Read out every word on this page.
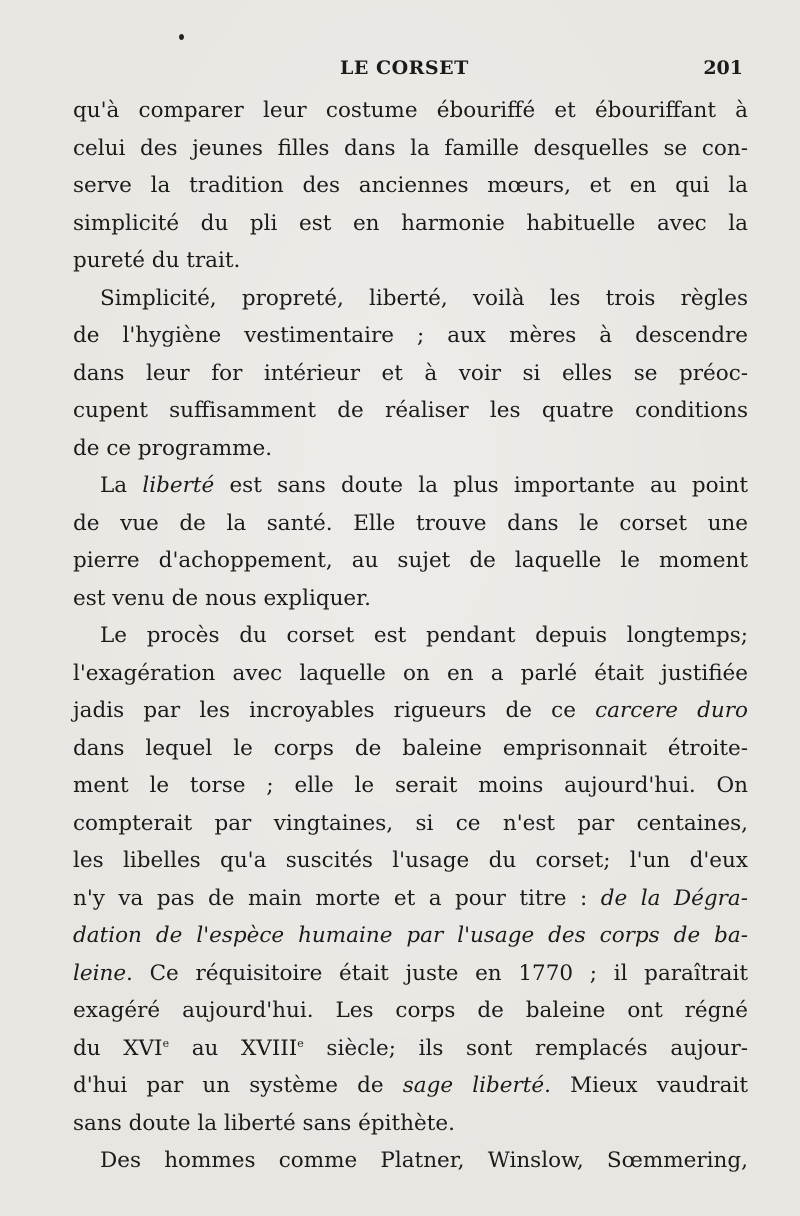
LE CORSET	201
qu'à comparer leur costume ébouriffé et ébouriffant à
celui des jeunes filles dans la famille desquelles se con-
serve la tradition des anciennes mœurs, et en qui la
simplicité du pli est en harmonie habituelle avec la
pureté du trait.
Simplicité, propreté, liberté, voilà les trois règles
de l'hygiène vestimentaire ; aux mères à descendre
dans leur for intérieur et à voir si elles se préoc-
cupent suffisamment de réaliser les quatre conditions
de ce programme.
La liberté est sans doute la plus importante au point
de vue de la santé. Elle trouve dans le corset une
pierre d'achoppement, au sujet de laquelle le moment
est venu de nous expliquer.
Le procès du corset est pendant depuis longtemps;
l'exagération avec laquelle on en a parlé était justifiée
jadis par les incroyables rigueurs de ce carcere duro
dans lequel le corps de baleine emprisonnait étroite-
ment le torse ; elle le serait moins aujourd'hui. On
compterait par vingtaines, si ce n'est par centaines,
les libelles qu'a suscités l'usage du corset; l'un d'eux
n'y va pas de main morte et a pour titre : de la Dégra-
dation de l'espèce humaine par l'usage des corps de ba-
leine. Ce réquisitoire était juste en 1770 ; il paraîtrait
exagéré aujourd'hui. Les corps de baleine ont régné
du XVIe au XVIIIe siècle; ils sont remplacés aujour-
d'hui par un système de sage liberté. Mieux vaudrait
sans doute la liberté sans épithète.
Des hommes comme Platner, Winslow, Sœmmering,
